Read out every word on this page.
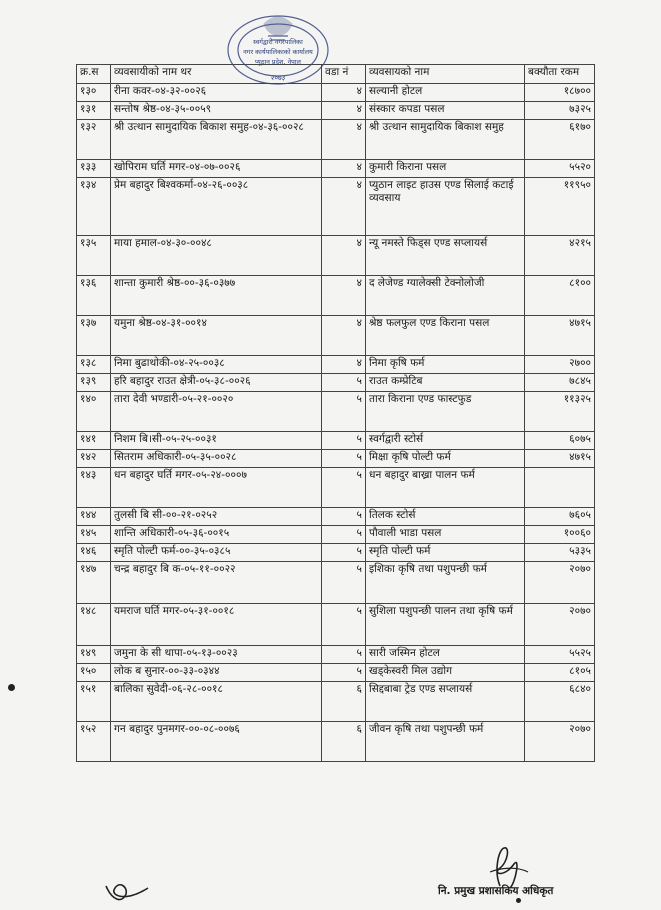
स्वर्गद्वारी नगरपालिका
नगर कार्यपालिकाको कार्यालय
प्यूठान प्रदेश, नेपाल
२०७३
क्र.स	व्यवसायीको नाम थर	वडा नं	व्यवसायको नाम	बक्यौता रकम
१३०	रीना कवर-०४-३२-००२६	४	सल्यानी होटल	१८७००
१३१	सन्तोष श्रेष्ठ-०४-३५-००५९	४	संस्कार कपडा पसल	७३२५
१३२	श्री उत्थान सामुदायिक बिकाश समुह-०४-३६-००२८	४	श्री उत्थान सामुदायिक बिकाश समुह	६१७०
१३३	खोपिराम घर्ति मगर-०४-०७-००२६	४	कुमारी किराना पसल	५५२०
१३४	प्रेम बहादुर बिश्वकर्मा-०४-२६-००३८	४	प्युठान लाइट हाउस एण्ड सिलाई कटाई व्यवसाय	११९५०
१३५	माया हमाल-०४-३०-००४८	४	न्यू नमस्ते फिड्स एण्ड सप्लायर्स	४२१५
१३६	शान्ता कुमारी श्रेष्ठ-००-३६-०३७७	४	द लेजेण्ड ग्यालेक्सी टेक्नोलोजी	८१००
१३७	यमुना श्रेष्ठ-०४-३१-००१४	४	श्रेष्ठ फलफुल एण्ड किराना पसल	४७१५
१३८	निमा बुढाथोकी-०४-२५-००३८	४	निमा कृषि फर्म	२७००
१३९	हरि बहादुर राउत क्षेत्री-०५-३८-००२६	५	राउत कम्प्रेटिब	७८४५
१४०	तारा देवी भण्डारी-०५-२१-००२०	५	तारा किराना एण्ड फास्टफुड	११३२५
१४१	निशम बि।सी-०५-२५-००३१	५	स्वर्गद्वारी स्टोर्स	६०७५
१४२	सितराम अधिकारी-०५-३५-००२८	५	मिक्षा कृषि पोल्टी फर्म	४७१५
१४३	धन बहादुर घर्ति मगर-०५-२४-०००७	५	धन बहादुर बाख्रा पालन फर्म	
१४४	तुलसी बि सी-००-२१-०२५२	५	तिलक स्टोर्स	७६०५
१४५	शान्ति अधिकारी-०५-३६-००१५	५	पौवाली भाडा पसल	१००६०
१४६	स्मृति पोल्टी फर्म-००-३५-०३८५	५	स्मृति पोल्टी फर्म	५३३५
१४७	चन्द्र बहादुर बि क-०५-११-००२२	५	इशिका कृषि तथा पशुपन्छी फर्म	२०७०
१४८	यमराज घर्ति मगर-०५-३१-००१८	५	सुशिला पशुपन्छी पालन तथा कृषि फर्म	२०७०
१४९	जमुना के सी थापा-०५-१३-००२३	५	सारी जस्मिन होटल	५५२५
१५०	लोक ब सुनार-००-३३-०३४४	५	खड्केस्वरी मिल उद्योग	८१०५
१५१	बालिका सुवेदी-०६-२८-००१८	६	सिद्दबाबा ट्रेड एण्ड सप्लायर्स	६८४०
१५२	गन बहादुर पुनमगर-००-०८-००७६	६	जीवन कृषि तथा पशुपन्छी फर्म	२०७०
नि. प्रमुख प्रशासकिय अधिकृत
